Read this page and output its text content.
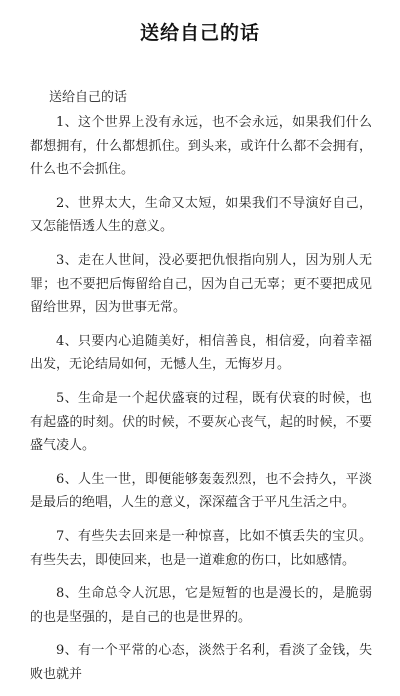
送给自己的话
送给自己的话

1、这个世界上没有永远，也不会永远，如果我们什么都想拥有，什么都想抓住。到头来，或许什么都不会拥有，什么也不会抓住。

2、世界太大，生命又太短，如果我们不导演好自己，又怎能悟透人生的意义。

3、走在人世间，没必要把仇恨指向别人，因为别人无罪；也不要把后悔留给自己，因为自己无辜；更不要把成见留给世界，因为世事无常。

4、只要内心追随美好，相信善良，相信爱，向着幸福出发，无论结局如何，无憾人生，无悔岁月。

5、生命是一个起伏盛衰的过程，既有伏衰的时候，也有起盛的时刻。伏的时候，不要灰心丧气，起的时候，不要盛气凌人。

6、人生一世，即便能够轰轰烈烈，也不会持久，平淡是最后的绝唱，人生的意义，深深蕴含于平凡生活之中。

7、有些失去回来是一种惊喜，比如不慎丢失的宝贝。有些失去，即使回来，也是一道难愈的伤口，比如感情。

8、生命总令人沉思，它是短暂的也是漫长的，是脆弱的也是坚强的，是自己的也是世界的。

9、有一个平常的心态，淡然于名利，看淡了金钱，失败也就并
